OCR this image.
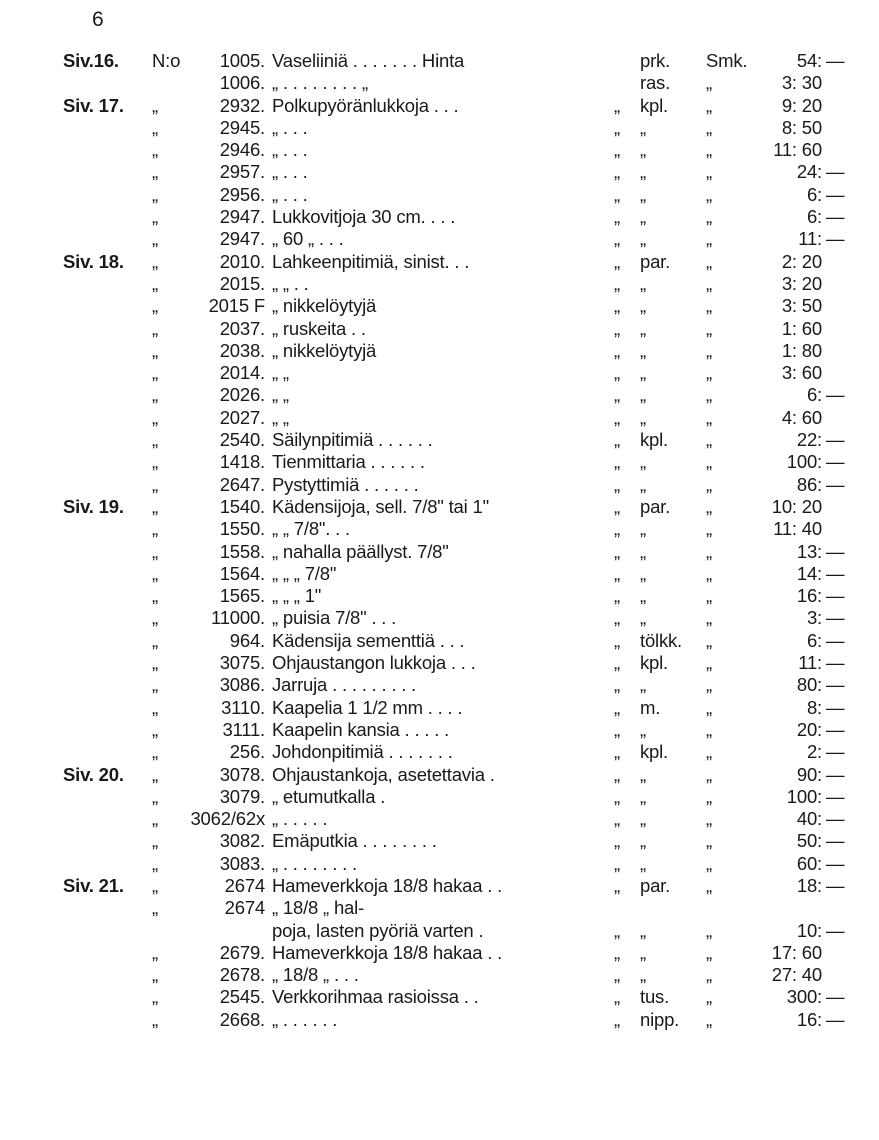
6
Siv.16. N:o	1005. Vaseliiniä . . . . . . . Hinta	prk. Smk.	54: —
1006. „ . . . . . . . . „	ras. „	3: 30
Siv. 17. „	2932. Polkupyöränlukkoja . . .	„ kpl. „	9: 20
„	2945. „ . . .	„ „	„	8: 50
„	2946. „ . . .	„ „	„	11: 60
„	2957. „ . . .	„ „	„	24: —
„	2956. „ . . .	„ „	„	6: —
„	2947. Lukkovitjoja 30 cm. . . .	„ „	„	6: —
„	2947. „ 60 „ . . .	„ „	„	11: —
Siv. 18. „	2010. Lahkeenpitimiä, sinist. . .	„ par. „	2: 20
„	2015. „ „ . .	„ „	„	3: 20
„	2015 F „ nikkelöytyjä	„ „	„	3: 50
„	2037. „ ruskeita . .	„ „	„	1: 60
„	2038. „ nikkelöytyjä	„ „	„	1: 80
„	2014. „ „	„ „	„	3: 60
„	2026. „ „	„ „	„	6: —
„	2027. „ „	„ „	„	4: 60
„	2540. Säilynpitimiä . . . . . .	„ kpl. „	22: —
„	1418. Tienmittaria . . . . . .	„ „	„	100: —
„	2647. Pystyttimiä . . . . . .	„ „	„	86: —
Siv. 19. „	1540. Kädensijoja, sell. 7/8" tai 1"	„ par. „	10: 20
„	1550. „ „ 7/8". . .	„ „	„	11: 40
„	1558. „ nahalla päällyst. 7/8"	„ „	„	13: —
„	1564. „ „ „ 7/8"	„ „	„	14: —
„	1565. „ „ „ 1"	„ „	„	16: —
„	11000. „ puisia 7/8" . . .	„ „	„	3: —
„	964. Kädensija sementtiä . . .	„ tölkk. „	6: —
„	3075. Ohjaustangon lukkoja . . .	„ kpl. „	11: —
„	3086. Jarruja . . . . . . . . .	„ „	„	80: —
„	3110. Kaapelia 1 1/2 mm . . . .	„ m. „	8: —
„	3111. Kaapelin kansia . . . . .	„ „	„	20: —
„	256. Johdonpitimiä . . . . . . .	„ kpl. „	2: —
Siv. 20. „	3078. Ohjaustankoja, asetettavia .	„ „	„	90: —
„	3079. „ etumutkalla .	„ „	„	100: —
„	3062/62x „ . . . . .	„ „	„	40: —
„	3082. Emäputkia . . . . . . . .	„ „	„	50: —
„	3083. „ . . . . . . . .	„ „	„	60: —
Siv. 21. „	2674 Hameverkkoja 18/8 hakaa . .	„ par. „	18: —
„	2674 „ 18/8 „ hal-
poja, lasten pyöriä varten .	„ „	„	10: —
„	2679. Hameverkkoja 18/8 hakaa . .	„ „	„	17: 60
„	2678. „ 18/8 „ . . .	„ „	„	27: 40
„	2545. Verkkorihmaa rasioissa . .	„ tus. „	300: —
„	2668. „ . . . . . .	„ nipp. „	16: —
